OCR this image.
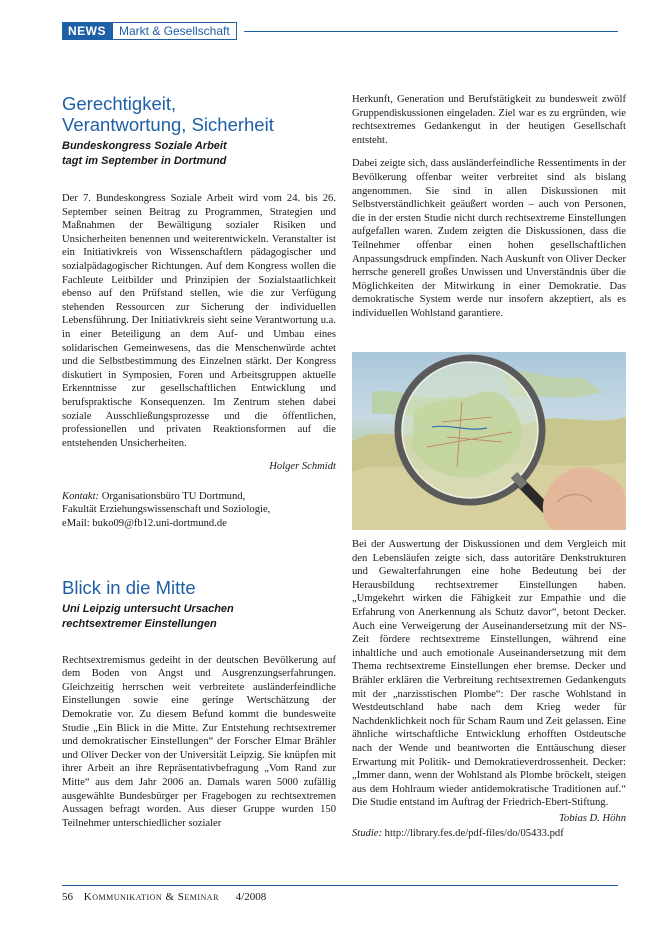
NEWS	Markt & Gesellschaft
Gerechtigkeit,
Verantwortung, Sicherheit
Bundeskongress Soziale Arbeit
tagt im September in Dortmund

Der 7. Bundeskongress Soziale Arbeit wird vom 24. bis 26. September seinen Beitrag zu Programmen, Strategien und Maßnahmen der Bewältigung sozialer Risiken und Unsicherheiten benennen und weiterentwickeln. Veranstalter ist ein Initiativkreis von Wissenschaftlern pädagogischer und sozialpädagogischer Richtungen. Auf dem Kongress wollen die Fachleute Leitbilder und Prinzipien der Sozialstaatlichkeit ebenso auf den Prüfstand stellen, wie die zur Verfügung stehenden Ressourcen zur Sicherung der individuellen Lebensführung. Der Initiativkreis sieht seine Verantwortung u.a. in einer Beteiligung an dem Auf- und Umbau eines solidarischen Gemeinwesens, das die Menschenwürde achtet und die Selbstbestimmung des Einzelnen stärkt. Der Kongress diskutiert in Symposien, Foren und Arbeitsgruppen aktuelle Erkenntnisse zur gesellschaftlichen Entwicklung und berufspraktische Konsequenzen. Im Zentrum stehen dabei soziale Ausschließungsprozesse und die öffentlichen, professionellen und privaten Reaktionsformen auf die entstehenden Unsicherheiten.

Holger Schmidt

Kontakt: Organisationsbüro TU Dortmund,
Fakultät Erziehungswissenschaft und Soziologie,
eMail: buko09@fb12.uni-dortmund.de

Blick in die Mitte
Uni Leipzig untersucht Ursachen
rechtsextremer Einstellungen

Rechtsextremismus gedeiht in der deutschen Bevölkerung auf dem Boden von Angst und Ausgrenzungserfahrungen. Gleichzeitig herrschen weit verbreitete ausländerfeindliche Einstellungen sowie eine geringe Wertschätzung der Demokratie vor. Zu diesem Befund kommt die bundesweite Studie „Ein Blick in die Mitte. Zur Entstehung rechtsextremer und demokratischer Einstellungen“ der Forscher Elmar Brähler und Oliver Decker von der Universität Leipzig. Sie knüpfen mit ihrer Arbeit an ihre Repräsentativbefragung „Vom Rand zur Mitte“ aus dem Jahr 2006 an. Damals waren 5000 zufällig ausgewählte Bundesbürger per Fragebogen zu rechtsextremen Aussagen befragt worden. Aus dieser Gruppe wurden 150 Teilnehmer unterschiedlicher sozialer

Herkunft, Generation und Berufstätigkeit zu bundesweit zwölf Gruppendiskussionen eingeladen. Ziel war es zu ergründen, wie rechtsextremes Gedankengut in der heutigen Gesellschaft entsteht.

Dabei zeigte sich, dass ausländerfeindliche Ressentiments in der Bevölkerung offenbar weiter verbreitet sind als bislang angenommen. Sie sind in allen Diskussionen mit Selbstverständlichkeit geäußert worden – auch von Personen, die in der ersten Studie nicht durch rechtsextreme Einstellungen aufgefallen waren. Zudem zeigten die Diskussionen, dass die Teilnehmer offenbar einen hohen gesellschaftlichen Anpassungsdruck empfinden. Nach Auskunft von Oliver Decker herrsche generell großes Unwissen und Unverständnis über die Möglichkeiten der Mitwirkung in einer Demokratie. Das demokratische System werde nur insofern akzeptiert, als es individuellen Wohlstand garantiere.

Bei der Auswertung der Diskussionen und dem Vergleich mit den Lebensläufen zeigte sich, dass autoritäre Denkstrukturen und Gewalterfahrungen eine hohe Bedeutung bei der Herausbildung rechtsextremer Einstellungen haben. „Umgekehrt wirken die Fähigkeit zur Empathie und die Erfahrung von Anerkennung als Schutz davor“, betont Decker. Auch eine Verweigerung der Auseinandersetzung mit der NS-Zeit fördere rechtsextreme Einstellungen, während eine inhaltliche und auch emotionale Auseinandersetzung mit dem Thema rechtsextreme Einstellungen eher bremse. Decker und Brähler erklären die Verbreitung rechtsextremen Gedankenguts mit der „narzisstischen Plombe“: Der rasche Wohlstand in Westdeutschland habe nach dem Krieg weder für Nachdenklichkeit noch für Scham Raum und Zeit gelassen. Eine ähnliche wirtschaftliche Entwicklung erhofften Ostdeutsche nach der Wende und beantworten die Enttäuschung dieser Erwartung mit Politik- und Demokratieverdrossenheit. Decker: „Immer dann, wenn der Wohlstand als Plombe bröckelt, steigen aus dem Hohlraum wieder antidemokratische Traditionen auf.“ Die Studie entstand im Auftrag der Friedrich-Ebert-Stiftung.

Tobias D. Höhn

Studie: http://library.fes.de/pdf-files/do/05433.pdf

56 Kommunikation & Seminar 4/2008
